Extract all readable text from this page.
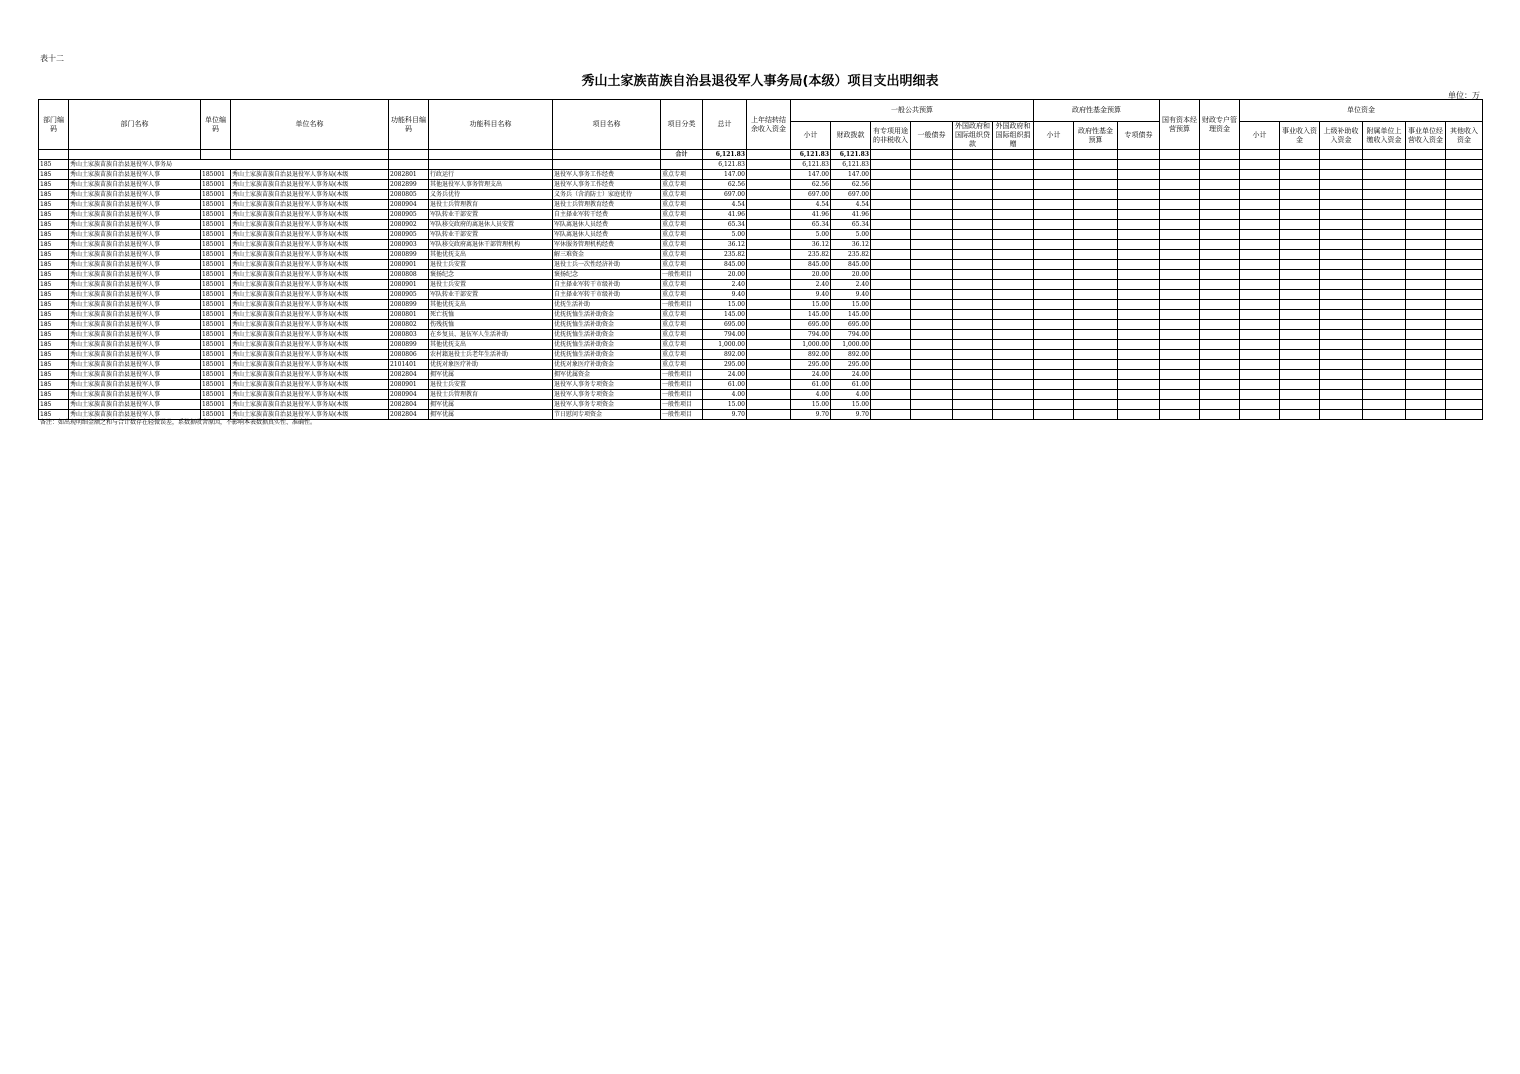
表十二
秀山土家族苗族自治县退役军人事务局(本级）项目支出明细表
单位：万
部门编码	部门名称	单位编码	单位名称	功能科目编码	功能科目名称	项目名称	项目分类	总计	上年结转结余收入资金	一般公共预算						政府性基金预算			国有资本经营预算	财政专户管理资金	单位资金					
										小计	财政拨款	有专项用途的非税收入	一般债券	外国政府和国际组织贷款	外国政府和国际组织捐赠	小计	政府性基金预算	专项债券			小计	事业收入资金	上级补助收入资金	附属单位上缴收入资金	事业单位经营收入资金	其他收入资金
							合计	6,121.83		6,121.83	6,121.83															
185	秀山土家族苗族自治县退役军人事务局							6,121.83		6,121.83	6,121.83															
185	秀山土家族苗族自治县退役军人事	185001	秀山土家族苗族自治县退役军人事务局(本级	2082801	行政运行	退役军人事务工作经费	重点专项	147.00		147.00	147.00															
185	秀山土家族苗族自治县退役军人事	185001	秀山土家族苗族自治县退役军人事务局(本级	2082899	其他退役军人事务管理支出	退役军人事务工作经费	重点专项	62.56		62.56	62.56															
185	秀山土家族苗族自治县退役军人事	185001	秀山土家族苗族自治县退役军人事务局(本级	2080805	义务兵优待	义务兵（含消防士）家庭优待	重点专项	697.00		697.00	697.00															
185	秀山土家族苗族自治县退役军人事	185001	秀山土家族苗族自治县退役军人事务局(本级	2080904	退役士兵管理教育	退役士兵管理教育经费	重点专项	4.54		4.54	4.54															
185	秀山土家族苗族自治县退役军人事	185001	秀山土家族苗族自治县退役军人事务局(本级	2080905	军队转业干部安置	自主择业军转干经费	重点专项	41.96		41.96	41.96															
185	秀山土家族苗族自治县退役军人事	185001	秀山土家族苗族自治县退役军人事务局(本级	2080902	军队移交政府的离退休人员安置	军队离退休人员经费	重点专项	65.34		65.34	65.34															
185	秀山土家族苗族自治县退役军人事	185001	秀山土家族苗族自治县退役军人事务局(本级	2080905	军队转业干部安置	军队离退休人员经费	重点专项	5.00		5.00	5.00															
185	秀山土家族苗族自治县退役军人事	185001	秀山土家族苗族自治县退役军人事务局(本级	2080903	军队移交政府离退休干部管理机构	军休服务管理机构经费	重点专项	36.12		36.12	36.12															
185	秀山土家族苗族自治县退役军人事	185001	秀山土家族苗族自治县退役军人事务局(本级	2080899	其他优抚支出	解三难资金	重点专项	235.82		235.82	235.82															
185	秀山土家族苗族自治县退役军人事	185001	秀山土家族苗族自治县退役军人事务局(本级	2080901	退役士兵安置	退役士兵一次性经济补助	重点专项	845.00		845.00	845.00															
185	秀山土家族苗族自治县退役军人事	185001	秀山土家族苗族自治县退役军人事务局(本级	2080808	褒扬纪念	褒扬纪念	一般性项目	20.00		20.00	20.00															
185	秀山土家族苗族自治县退役军人事	185001	秀山土家族苗族自治县退役军人事务局(本级	2080901	退役士兵安置	自主择业军转干市级补助	重点专项	2.40		2.40	2.40															
185	秀山土家族苗族自治县退役军人事	185001	秀山土家族苗族自治县退役军人事务局(本级	2080905	军队转业干部安置	自主择业军转干市级补助	重点专项	9.40		9.40	9.40															
185	秀山土家族苗族自治县退役军人事	185001	秀山土家族苗族自治县退役军人事务局(本级	2080899	其他优抚支出	优抚生活补助	一般性项目	15.00		15.00	15.00															
185	秀山土家族苗族自治县退役军人事	185001	秀山土家族苗族自治县退役军人事务局(本级	2080801	死亡抚恤	优抚抚恤生活补助资金	重点专项	145.00		145.00	145.00															
185	秀山土家族苗族自治县退役军人事	185001	秀山土家族苗族自治县退役军人事务局(本级	2080802	伤残抚恤	优抚抚恤生活补助资金	重点专项	695.00		695.00	695.00															
185	秀山土家族苗族自治县退役军人事	185001	秀山土家族苗族自治县退役军人事务局(本级	2080803	在乡复员、退伍军人生活补助	优抚抚恤生活补助资金	重点专项	794.00		794.00	794.00															
185	秀山土家族苗族自治县退役军人事	185001	秀山土家族苗族自治县退役军人事务局(本级	2080899	其他优抚支出	优抚抚恤生活补助资金	重点专项	1,000.00		1,000.00	1,000.00															
185	秀山土家族苗族自治县退役军人事	185001	秀山土家族苗族自治县退役军人事务局(本级	2080806	农村籍退役士兵老年生活补助	优抚抚恤生活补助资金	重点专项	892.00		892.00	892.00															
185	秀山土家族苗族自治县退役军人事	185001	秀山土家族苗族自治县退役军人事务局(本级	2101401	优抚对象医疗补助	优抚对象医疗补助资金	重点专项	295.00		295.00	295.00															
185	秀山土家族苗族自治县退役军人事	185001	秀山土家族苗族自治县退役军人事务局(本级	2082804	拥军优属	拥军优属资金	一般性项目	24.00		24.00	24.00															
185	秀山土家族苗族自治县退役军人事	185001	秀山土家族苗族自治县退役军人事务局(本级	2080901	退役士兵安置	退役军人事务专项资金	一般性项目	61.00		61.00	61.00															
185	秀山土家族苗族自治县退役军人事	185001	秀山土家族苗族自治县退役军人事务局(本级	2080904	退役士兵管理教育	退役军人事务专项资金	一般性项目	4.00		4.00	4.00															
185	秀山土家族苗族自治县退役军人事	185001	秀山土家族苗族自治县退役军人事务局(本级	2082804	拥军优属	退役军人事务专项资金	一般性项目	15.00		15.00	15.00															
185	秀山土家族苗族自治县退役军人事	185001	秀山土家族苗族自治县退役军人事务局(本级	2082804	拥军优属	节日慰问专项资金	一般性项目	9.70		9.70	9.70															
备注：如出现明细金额之和与合计数存在轻微误差，系数据收舍原因，不影响本表数据真实性、准确性。
